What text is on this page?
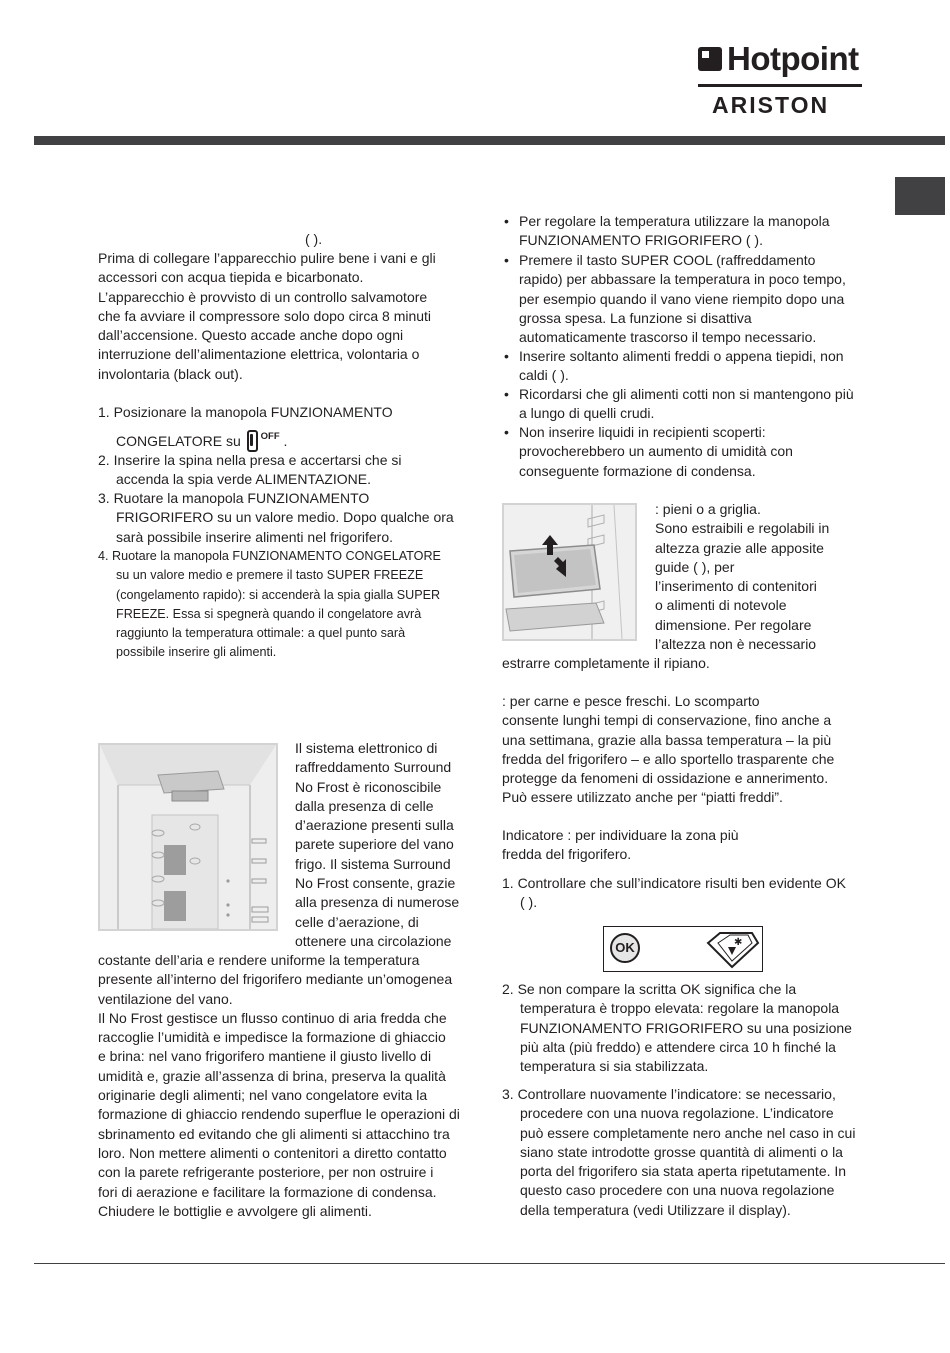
Hotpoint
ARISTON
( ).
Prima di collegare l’apparecchio pulire bene i vani e gli
accessori con acqua tiepida e bicarbonato.
L’apparecchio è provvisto di un controllo salvamotore
che fa avviare il compressore solo dopo circa 8 minuti
dall’accensione. Questo accade anche dopo ogni
interruzione dell’alimentazione elettrica, volontaria o
involontaria (black out).
1. Posizionare la manopola FUNZIONAMENTO
CONGELATORE su $^{OFF}$ .
2. Inserire la spina nella presa e accertarsi che si
accenda la spia verde ALIMENTAZIONE.
3. Ruotare la manopola FUNZIONAMENTO
FRIGORIFERO su un valore medio. Dopo qualche ora
sarà possibile inserire alimenti nel frigorifero.
4. Ruotare la manopola FUNZIONAMENTO CONGELATORE
su un valore medio e premere il tasto SUPER FREEZE
(congelamento rapido): si accenderà la spia gialla SUPER
FREEZE. Essa si spegnerà quando il congelatore avrà
raggiunto la temperatura ottimale: a quel punto sarà
possibile inserire gli alimenti.
Il sistema elettronico di
raffreddamento Surround
No Frost è riconoscibile
dalla presenza di celle
d’aerazione presenti sulla
parete superiore del vano
frigo. Il sistema Surround
No Frost consente, grazie
alla presenza di numerose
celle d’aerazione, di
ottenere una circolazione
costante dell’aria e rendere uniforme la temperatura
presente all’interno del frigorifero mediante un’omogenea
ventilazione del vano.
Il No Frost gestisce un flusso continuo di aria fredda che
raccoglie l’umidità e impedisce la formazione di ghiaccio
e brina: nel vano frigorifero mantiene il giusto livello di
umidità e, grazie all’assenza di brina, preserva la qualità
originarie degli alimenti; nel vano congelatore evita la
formazione di ghiaccio rendendo superflue le operazioni di
sbrinamento ed evitando che gli alimenti si attacchino tra
loro. Non mettere alimenti o contenitori a diretto contatto
con la parete refrigerante posteriore, per non ostruire i
fori di aerazione e facilitare la formazione di condensa.
Chiudere le bottiglie e avvolgere gli alimenti.
• Per regolare la temperatura utilizzare la manopola
FUNZIONAMENTO FRIGORIFERO ( ).
• Premere il tasto SUPER COOL (raffreddamento
rapido) per abbassare la temperatura in poco tempo,
per esempio quando il vano viene riempito dopo una
grossa spesa. La funzione si disattiva
automaticamente trascorso il tempo necessario.
• Inserire soltanto alimenti freddi o appena tiepidi, non
caldi ( ).
• Ricordarsi che gli alimenti cotti non si mantengono più
a lungo di quelli crudi.
• Non inserire liquidi in recipienti scoperti:
provocherebbero un aumento di umidità con
conseguente formazione di condensa.
: pieni o a griglia.
Sono estraibili e regolabili in
altezza grazie alle apposite
guide ( ), per
l’inserimento di contenitori
o alimenti di notevole
dimensione. Per regolare
l’altezza non è necessario
estrarre completamente il ripiano.
: per carne e pesce freschi. Lo scomparto
consente lunghi tempi di conservazione, fino anche a
una settimana, grazie alla bassa temperatura – la più
fredda del frigorifero – e allo sportello trasparente che
protegge da fenomeni di ossidazione e annerimento.
Può essere utilizzato anche per “piatti freddi”.
Indicatore : per individuare la zona più
fredda del frigorifero.
1. Controllare che sull’indicatore risulti ben evidente OK
( ).
OK	✱
2. Se non compare la scritta OK significa che la
temperatura è troppo elevata: regolare la manopola
FUNZIONAMENTO FRIGORIFERO su una posizione
più alta (più freddo) e attendere circa 10 h finché la
temperatura si sia stabilizzata.
3. Controllare nuovamente l’indicatore: se necessario,
procedere con una nuova regolazione. L’indicatore
può essere completamente nero anche nel caso in cui
siano state introdotte grosse quantità di alimenti o la
porta del frigorifero sia stata aperta ripetutamente. In
questo caso procedere con una nuova regolazione
della temperatura (vedi Utilizzare il display).
